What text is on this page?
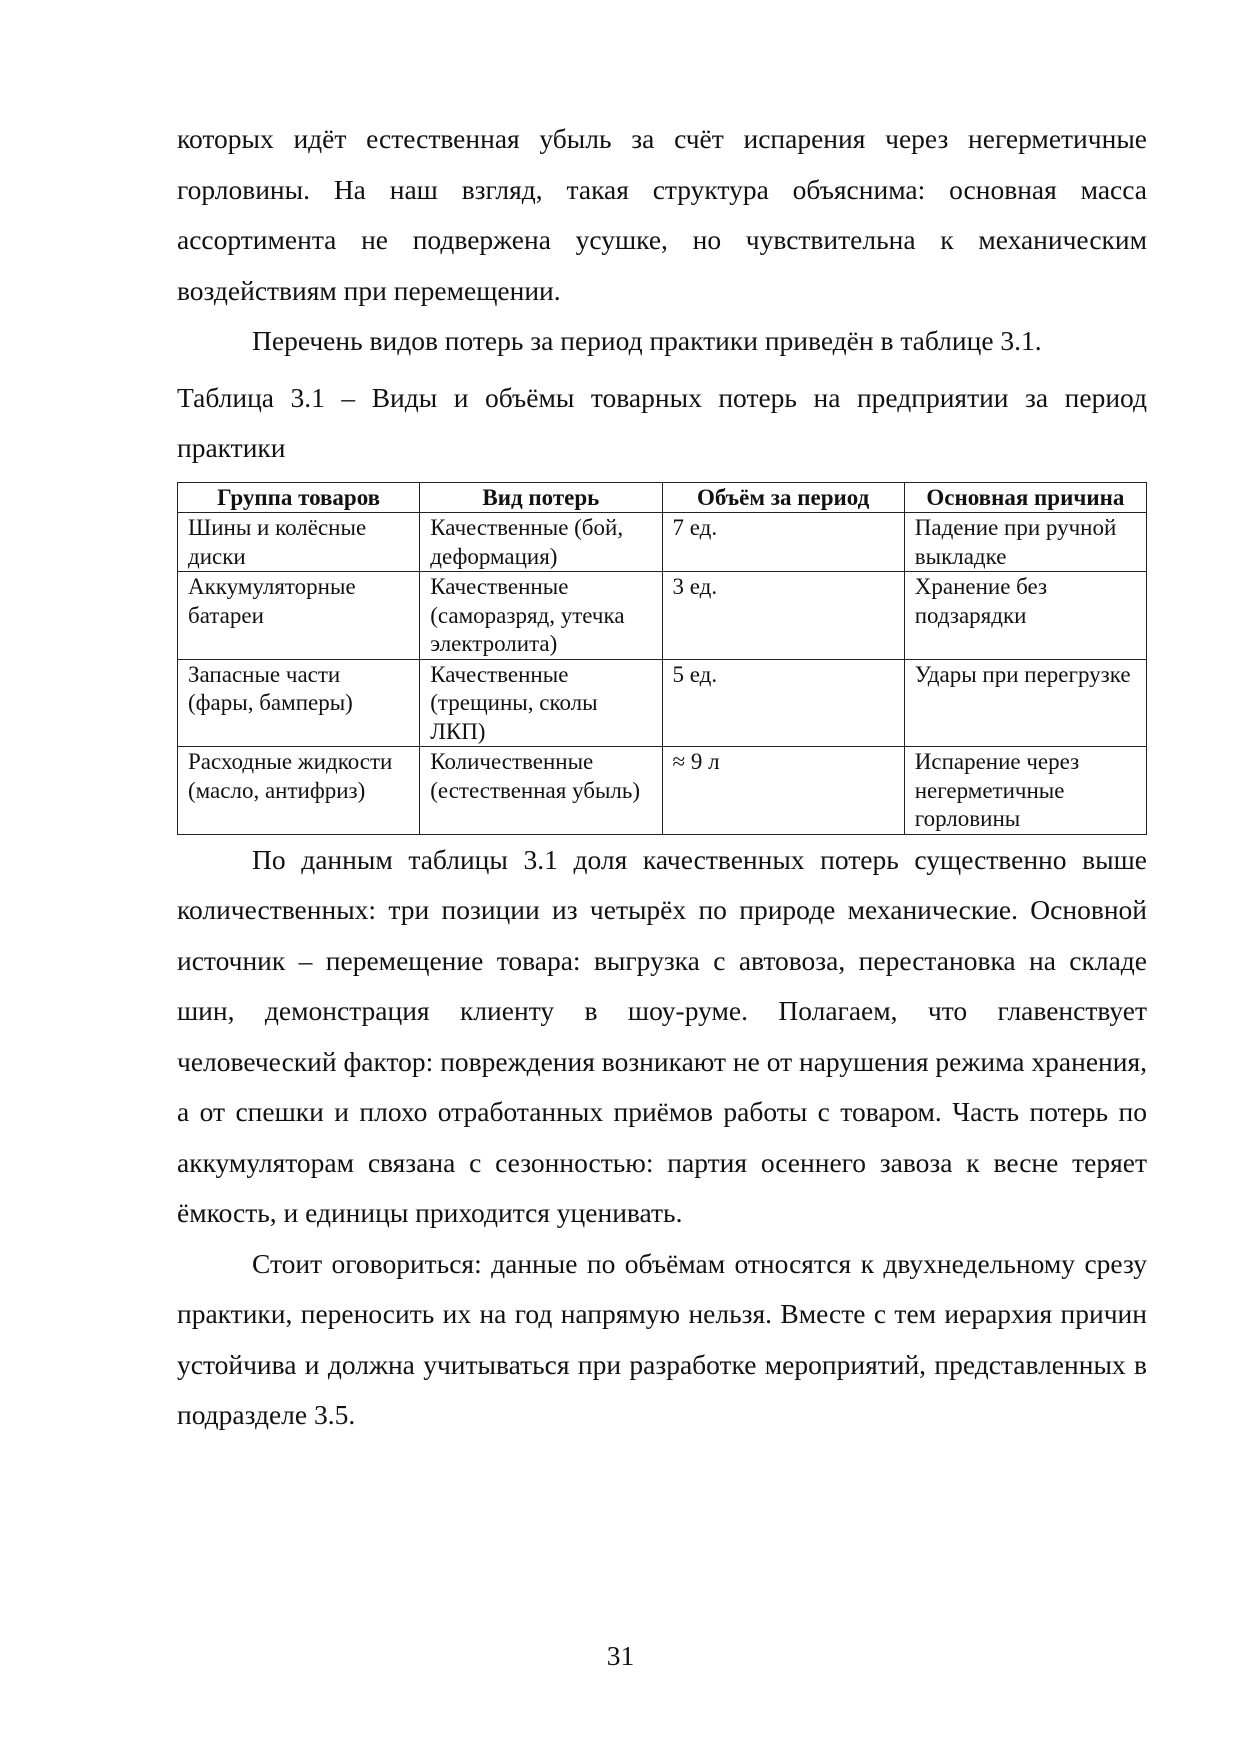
которых идёт естественная убыль за счёт испарения через негерметичные горловины. На наш взгляд, такая структура объяснима: основная масса ассортимента не подвержена усушке, но чувствительна к механическим воздействиям при перемещении.

Перечень видов потерь за период практики приведён в таблице 3.1.

Таблица 3.1 – Виды и объёмы товарных потерь на предприятии за период практики
Группа товаров	Вид потерь	Объём за период	Основная причина
Шины и колёсные диски	Качественные (бой, деформация)	7 ед.	Падение при ручной выкладке
Аккумуляторные батареи	Качественные (саморазряд, утечка электролита)	3 ед.	Хранение без подзарядки
Запасные части (фары, бамперы)	Качественные (трещины, сколы ЛКП)	5 ед.	Удары при перегрузке
Расходные жидкости (масло, антифриз)	Количественные (естественная убыль)	≈ 9 л	Испарение через негерметичные горловины

По данным таблицы 3.1 доля качественных потерь существенно выше количественных: три позиции из четырёх по природе механические. Основной источник – перемещение товара: выгрузка с автовоза, перестановка на складе шин, демонстрация клиенту в шоу-руме. Полагаем, что главенствует человеческий фактор: повреждения возникают не от нарушения режима хранения, а от спешки и плохо отработанных приёмов работы с товаром. Часть потерь по аккумуляторам связана с сезонностью: партия осеннего завоза к весне теряет ёмкость, и единицы приходится уценивать.

Стоит оговориться: данные по объёмам относятся к двухнедельному срезу практики, переносить их на год напрямую нельзя. Вместе с тем иерархия причин устойчива и должна учитываться при разработке мероприятий, представленных в подразделе 3.5.

31
